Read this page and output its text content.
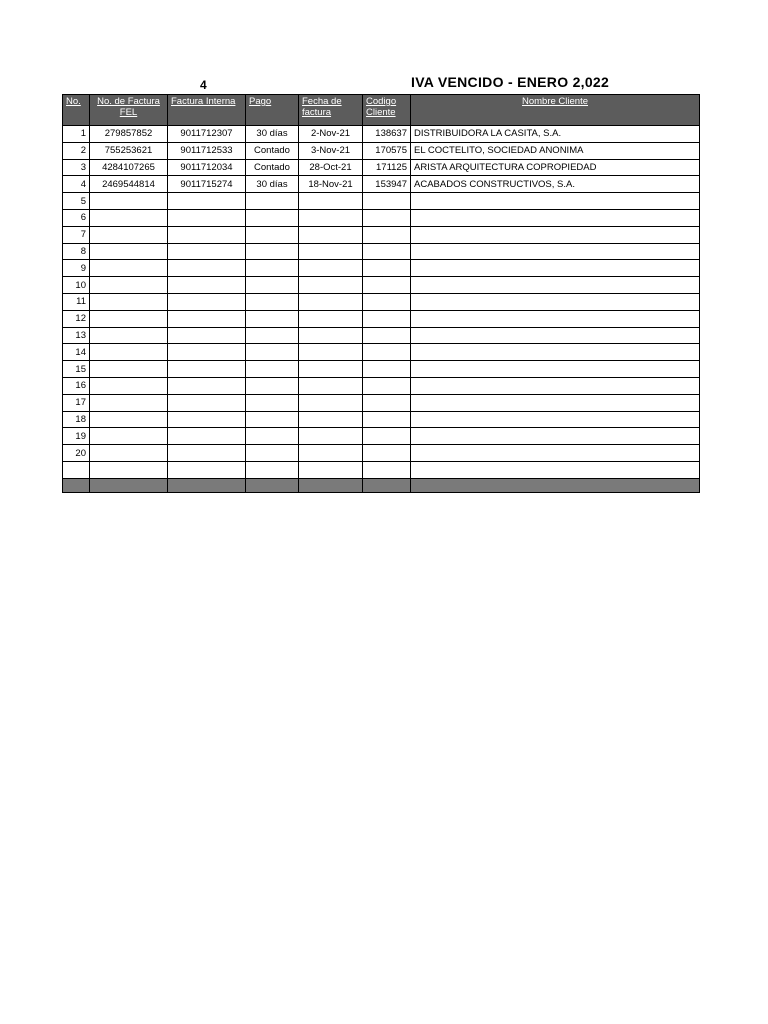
4	IVA VENCIDO - ENERO 2,022
No.	No. de Factura FEL	Factura Interna	Pago	Fecha de factura	Codigo Cliente	Nombre Cliente
1	279857852	9011712307	30 días	2-Nov-21	138637	DISTRIBUIDORA LA CASITA, S.A.
2	755253621	9011712533	Contado	3-Nov-21	170575	EL COCTELITO, SOCIEDAD ANONIMA
3	4284107265	9011712034	Contado	28-Oct-21	171125	ARISTA ARQUITECTURA COPROPIEDAD
4	2469544814	9011715274	30 días	18-Nov-21	153947	ACABADOS CONSTRUCTIVOS, S.A.
5						
6						
7						
8						
9						
10						
11						
12						
13						
14						
15						
16						
17						
18						
19						
20						
